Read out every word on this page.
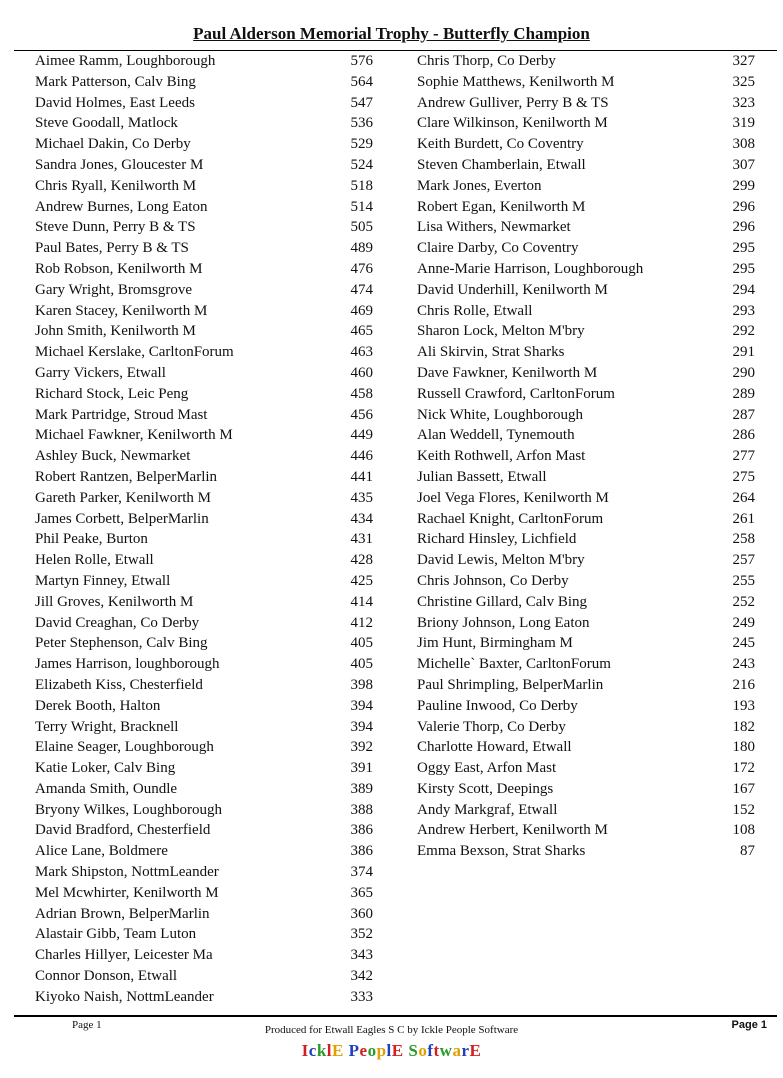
Paul Alderson Memorial Trophy - Butterfly Champion
Aimee Ramm, Loughborough	576
Mark Patterson, Calv Bing	564
David Holmes, East Leeds	547
Steve Goodall, Matlock	536
Michael Dakin, Co Derby	529
Sandra Jones, Gloucester M	524
Chris Ryall, Kenilworth M	518
Andrew Burnes, Long Eaton	514
Steve Dunn, Perry B & TS	505
Paul Bates, Perry B & TS	489
Rob Robson, Kenilworth M	476
Gary Wright, Bromsgrove	474
Karen Stacey, Kenilworth M	469
John Smith, Kenilworth M	465
Michael Kerslake, CarltonForum	463
Garry Vickers, Etwall	460
Richard Stock, Leic Peng	458
Mark Partridge, Stroud Mast	456
Michael Fawkner, Kenilworth M	449
Ashley Buck, Newmarket	446
Robert Rantzen, BelperMarlin	441
Gareth Parker, Kenilworth M	435
James Corbett, BelperMarlin	434
Phil Peake, Burton	431
Helen Rolle, Etwall	428
Martyn Finney, Etwall	425
Jill Groves, Kenilworth M	414
David Creaghan, Co Derby	412
Peter Stephenson, Calv Bing	405
James Harrison, loughborough	405
Elizabeth Kiss, Chesterfield	398
Derek Booth, Halton	394
Terry Wright, Bracknell	394
Elaine Seager, Loughborough	392
Katie Loker, Calv Bing	391
Amanda Smith, Oundle	389
Bryony Wilkes, Loughborough	388
David Bradford, Chesterfield	386
Alice Lane, Boldmere	386
Mark Shipston, NottmLeander	374
Mel Mcwhirter, Kenilworth M	365
Adrian Brown, BelperMarlin	360
Alastair Gibb, Team Luton	352
Charles Hillyer, Leicester Ma	343
Connor Donson, Etwall	342
Kiyoko Naish, NottmLeander	333
Chris Thorp, Co Derby	327
Sophie Matthews, Kenilworth M	325
Andrew Gulliver, Perry B & TS	323
Clare Wilkinson, Kenilworth M	319
Keith Burdett, Co Coventry	308
Steven Chamberlain, Etwall	307
Mark Jones, Everton	299
Robert Egan, Kenilworth M	296
Lisa Withers, Newmarket	296
Claire Darby, Co Coventry	295
Anne-Marie Harrison, Loughborough	295
David Underhill, Kenilworth M	294
Chris Rolle, Etwall	293
Sharon Lock, Melton M'bry	292
Ali Skirvin, Strat Sharks	291
Dave Fawkner, Kenilworth M	290
Russell Crawford, CarltonForum	289
Nick White, Loughborough	287
Alan Weddell, Tynemouth	286
Keith Rothwell, Arfon Mast	277
Julian Bassett, Etwall	275
Joel Vega Flores, Kenilworth M	264
Rachael Knight, CarltonForum	261
Richard Hinsley, Lichfield	258
David Lewis, Melton M'bry	257
Chris Johnson, Co Derby	255
Christine Gillard, Calv Bing	252
Briony Johnson, Long Eaton	249
Jim Hunt, Birmingham M	245
Michelle` Baxter, CarltonForum	243
Paul Shrimpling, BelperMarlin	216
Pauline Inwood, Co Derby	193
Valerie Thorp, Co Derby	182
Charlotte Howard, Etwall	180
Oggy East, Arfon Mast	172
Kirsty Scott, Deepings	167
Andy Markgraf, Etwall	152
Andrew Herbert, Kenilworth M	108
Emma Bexson, Strat Sharks	87
Page 1	Produced for Etwall Eagles S C by Ickle People Software	Page 1
IcklE PeoplE SoftwarE
